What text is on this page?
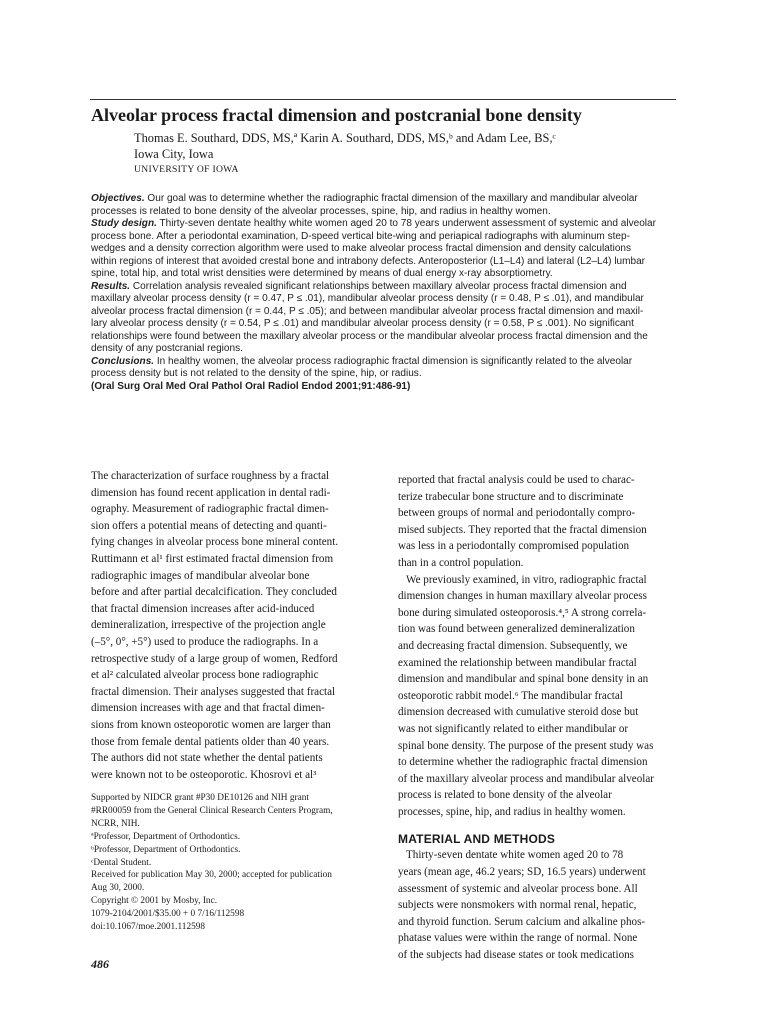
Alveolar process fractal dimension and postcranial bone density
Thomas E. Southard, DDS, MS,ª Karin A. Southard, DDS, MS,ᵇ and Adam Lee, BS,ᶜ
Iowa City, Iowa
UNIVERSITY OF IOWA
Objectives. Our goal was to determine whether the radiographic fractal dimension of the maxillary and mandibular alveolar
processes is related to bone density of the alveolar processes, spine, hip, and radius in healthy women.
Study design. Thirty-seven dentate healthy white women aged 20 to 78 years underwent assessment of systemic and alveolar
process bone. After a periodontal examination, D-speed vertical bite-wing and periapical radiographs with aluminum step-
wedges and a density correction algorithm were used to make alveolar process fractal dimension and density calculations
within regions of interest that avoided crestal bone and intrabony defects. Anteroposterior (L1–L4) and lateral (L2–L4) lumbar
spine, total hip, and total wrist densities were determined by means of dual energy x-ray absorptiometry.
Results. Correlation analysis revealed significant relationships between maxillary alveolar process fractal dimension and
maxillary alveolar process density (r = 0.47, P ≤ .01), mandibular alveolar process density (r = 0.48, P ≤ .01), and mandibular
alveolar process fractal dimension (r = 0.44, P ≤ .05); and between mandibular alveolar process fractal dimension and maxil-
lary alveolar process density (r = 0.54, P ≤ .01) and mandibular alveolar process density (r = 0.58, P ≤ .001). No significant
relationships were found between the maxillary alveolar process or the mandibular alveolar process fractal dimension and the
density of any postcranial regions.
Conclusions. In healthy women, the alveolar process radiographic fractal dimension is significantly related to the alveolar
process density but is not related to the density of the spine, hip, or radius.
(Oral Surg Oral Med Oral Pathol Oral Radiol Endod 2001;91:486-91)
The characterization of surface roughness by a fractal
dimension has found recent application in dental radi-
ography. Measurement of radiographic fractal dimen-
sion offers a potential means of detecting and quanti-
fying changes in alveolar process bone mineral content.
Ruttimann et al¹ first estimated fractal dimension from
radiographic images of mandibular alveolar bone
before and after partial decalcification. They concluded
that fractal dimension increases after acid-induced
demineralization, irrespective of the projection angle
(–5°, 0°, +5°) used to produce the radiographs. In a
retrospective study of a large group of women, Redford
et al² calculated alveolar process bone radiographic
fractal dimension. Their analyses suggested that fractal
dimension increases with age and that fractal dimen-
sions from known osteoporotic women are larger than
those from female dental patients older than 40 years.
The authors did not state whether the dental patients
were known not to be osteoporotic. Khosrovi et al³
Supported by NIDCR grant #P30 DE10126 and NIH grant
#RR00059 from the General Clinical Research Centers Program,
NCRR, NIH.
ªProfessor, Department of Orthodontics.
ᵇProfessor, Department of Orthodontics.
ᶜDental Student.
Received for publication May 30, 2000; accepted for publication
Aug 30, 2000.
Copyright © 2001 by Mosby, Inc.
1079-2104/2001/$35.00 + 0 7/16/112598
doi:10.1067/moe.2001.112598
reported that fractal analysis could be used to charac-
terize trabecular bone structure and to discriminate
between groups of normal and periodontally compro-
mised subjects. They reported that the fractal dimension
was less in a periodontally compromised population
than in a control population.
We previously examined, in vitro, radiographic fractal
dimension changes in human maxillary alveolar process
bone during simulated osteoporosis.⁴,⁵ A strong correla-
tion was found between generalized demineralization
and decreasing fractal dimension. Subsequently, we
examined the relationship between mandibular fractal
dimension and mandibular and spinal bone density in an
osteoporotic rabbit model.⁶ The mandibular fractal
dimension decreased with cumulative steroid dose but
was not significantly related to either mandibular or
spinal bone density. The purpose of the present study was
to determine whether the radiographic fractal dimension
of the maxillary alveolar process and mandibular alveolar
process is related to bone density of the alveolar
processes, spine, hip, and radius in healthy women.
MATERIAL AND METHODS
Thirty-seven dentate white women aged 20 to 78
years (mean age, 46.2 years; SD, 16.5 years) underwent
assessment of systemic and alveolar process bone. All
subjects were nonsmokers with normal renal, hepatic,
and thyroid function. Serum calcium and alkaline phos-
phatase values were within the range of normal. None
of the subjects had disease states or took medications
486
